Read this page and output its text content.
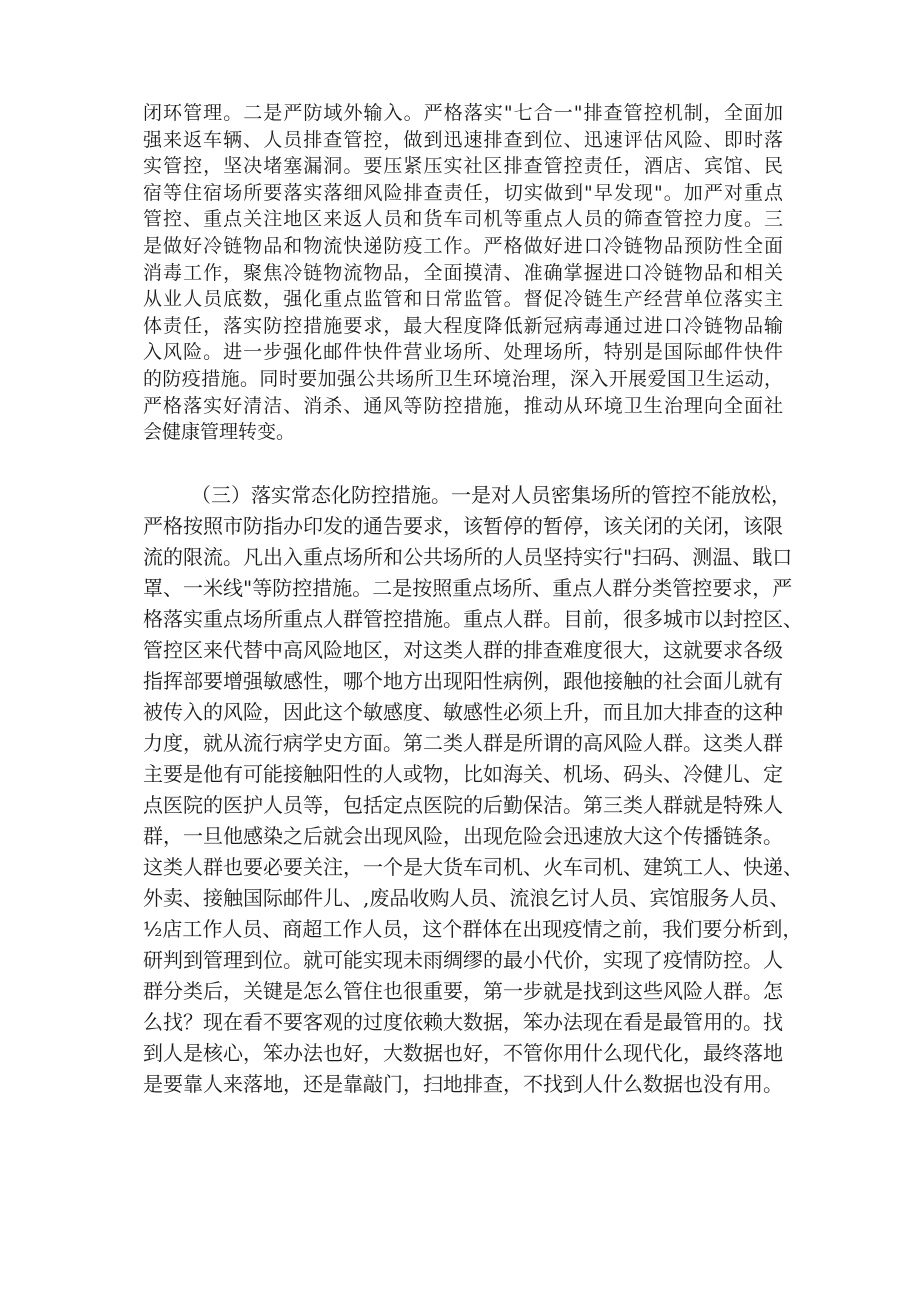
闭环管理。二是严防域外输入。严格落实"七合一"排查管控机制，全面加
强来返车辆、人员排查管控，做到迅速排查到位、迅速评估风险、即时落
实管控，坚决堵塞漏洞。要压紧压实社区排查管控责任，酒店、宾馆、民
宿等住宿场所要落实落细风险排查责任，切实做到"早发现"。加严对重点
管控、重点关注地区来返人员和货车司机等重点人员的筛查管控力度。三
是做好冷链物品和物流快递防疫工作。严格做好进口冷链物品预防性全面
消毒工作，聚焦冷链物流物品，全面摸清、准确掌握进口冷链物品和相关
从业人员底数，强化重点监管和日常监管。督促冷链生产经营单位落实主
体责任，落实防控措施要求，最大程度降低新冠病毒通过进口冷链物品输
入风险。进一步强化邮件快件营业场所、处理场所，特别是国际邮件快件
的防疫措施。同时要加强公共场所卫生环境治理，深入开展爱国卫生运动，
严格落实好清洁、消杀、通风等防控措施，推动从环境卫生治理向全面社
会健康管理转变。
（三）落实常态化防控措施。一是对人员密集场所的管控不能放松，
严格按照市防指办印发的通告要求，该暂停的暂停，该关闭的关闭，该限
流的限流。凡出入重点场所和公共场所的人员坚持实行"扫码、测温、戢口
罩、一米线"等防控措施。二是按照重点场所、重点人群分类管控要求，严
格落实重点场所重点人群管控措施。重点人群。目前，很多城市以封控区、
管控区来代替中高风险地区，对这类人群的排查难度很大，这就要求各级
指挥部要增强敏感性，哪个地方出现阳性病例，跟他接触的社会面儿就有
被传入的风险，因此这个敏感度、敏感性必须上升，而且加大排查的这种
力度，就从流行病学史方面。第二类人群是所谓的高风险人群。这类人群
主要是他有可能接触阳性的人或物，比如海关、机场、码头、冷健儿、定
点医院的医护人员等，包括定点医院的后勤保洁。第三类人群就是特殊人
群，一旦他感染之后就会出现风险，出现危险会迅速放大这个传播链条。
这类人群也要必要关注，一个是大货车司机、火车司机、建筑工人、快递、
外卖、接触国际邮件儿、,废品收购人员、流浪乞讨人员、宾馆服务人员、
½店工作人员、商超工作人员，这个群体在出现疫情之前，我们要分析到，
研判到管理到位。就可能实现未雨绸缪的最小代价，实现了疫情防控。人
群分类后，关键是怎么管住也很重要，第一步就是找到这些风险人群。怎
么找？现在看不要客观的过度依赖大数据，笨办法现在看是最管用的。找
到人是核心，笨办法也好，大数据也好，不管你用什么现代化，最终落地
是要靠人来落地，还是靠敲门，扫地排查，不找到人什么数据也没有用。
